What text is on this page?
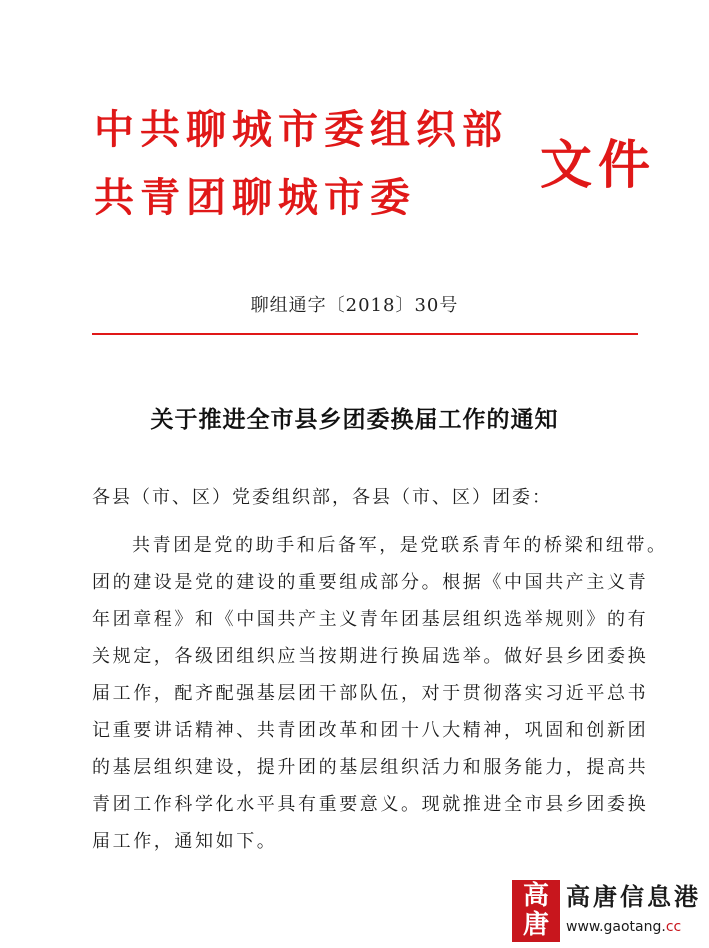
中共聊城市委组织部
共青团聊城市委
文件
聊组通字〔2018〕30号
关于推进全市县乡团委换届工作的通知
各县（市、区）党委组织部，各县（市、区）团委：
共青团是党的助手和后备军，是党联系青年的桥梁和纽带。
团的建设是党的建设的重要组成部分。根据《中国共产主义青
年团章程》和《中国共产主义青年团基层组织选举规则》的有
关规定，各级团组织应当按期进行换届选举。做好县乡团委换
届工作，配齐配强基层团干部队伍，对于贯彻落实习近平总书
记重要讲话精神、共青团改革和团十八大精神，巩固和创新团
的基层组织建设，提升团的基层组织活力和服务能力，提高共
青团工作科学化水平具有重要意义。现就推进全市县乡团委换
届工作，通知如下。
高
唐
高唐信息港
www.gaotang.cc
